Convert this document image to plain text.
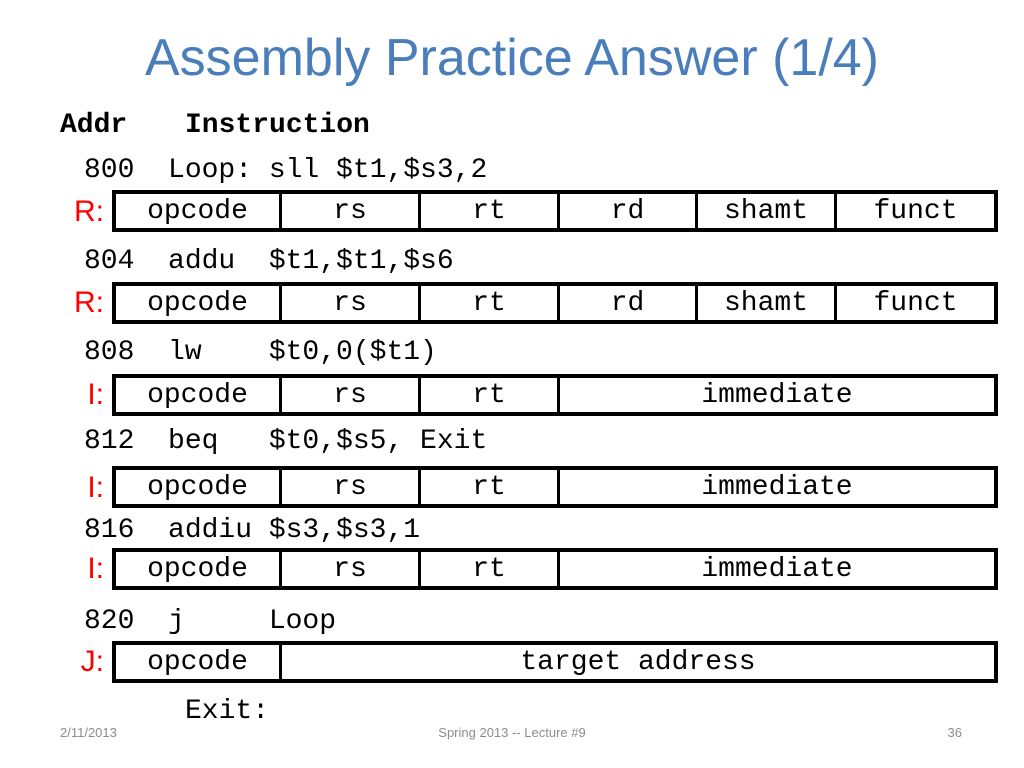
Assembly Practice Answer (1/4)
Addr Instruction
800  Loop: sll $t1,$s3,2
R:	opcode	rs	rt	rd	shamt	funct
804  addu  $t1,$t1,$s6
R:	opcode	rs	rt	rd	shamt	funct
808  lw    $t0,0($t1)
I:	opcode	rs	rt	immediate
812  beq   $t0,$s5, Exit
I:	opcode	rs	rt	immediate
816  addiu $s3,$s3,1
I:	opcode	rs	rt	immediate
820  j     Loop
J:	opcode	target address
Exit:
2/11/2013	Spring 2013 -- Lecture #9	36
